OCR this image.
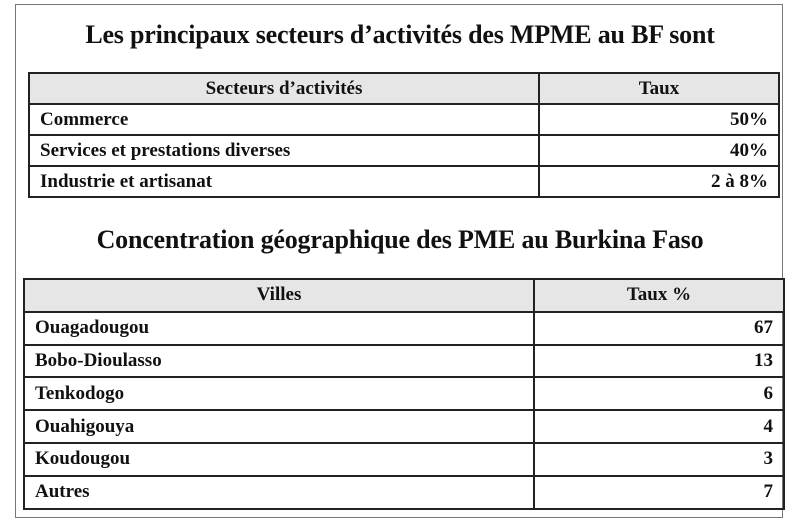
Les principaux secteurs d’activités des MPME au BF sont
Secteurs d’activités	Taux
Commerce	50%
Services et prestations diverses	40%
Industrie et artisanat	2 à 8%
Concentration géographique des PME au Burkina Faso
Villes	Taux %
Ouagadougou	67
Bobo-Dioulasso	13
Tenkodogo	6
Ouahigouya	4
Koudougou	3
Autres	7
